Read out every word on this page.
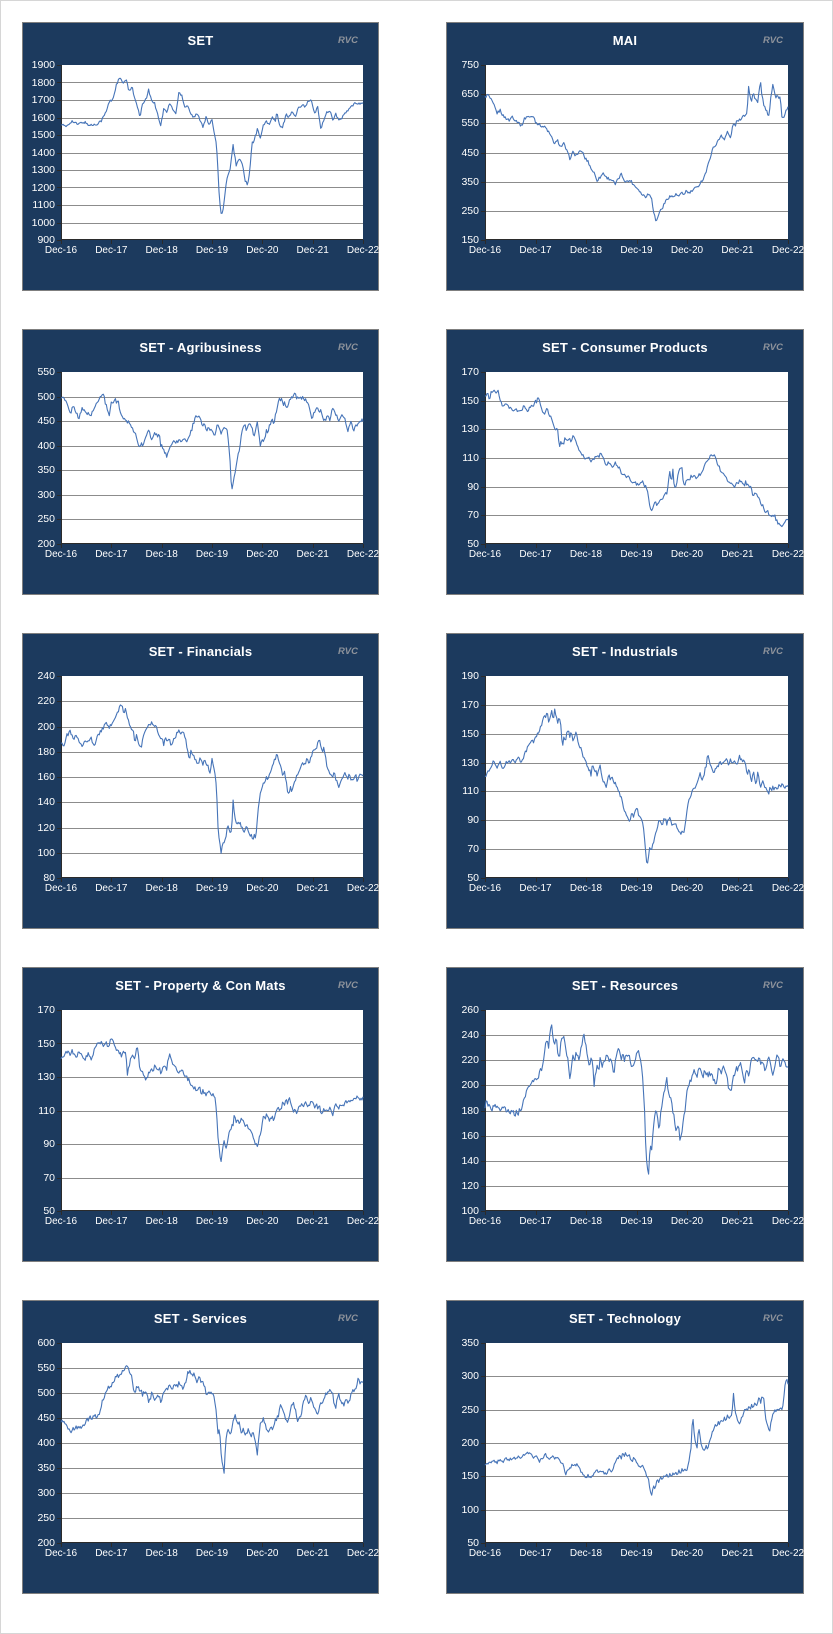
SET	RVC
900
1000
1100
1200
1300
1400
1500
1600
1700
1800
1900
Dec-16	Dec-17	Dec-18	Dec-19	Dec-20	Dec-21	Dec-22
MAI	RVC
150
250
350
450
550
650
750
Dec-16	Dec-17	Dec-18	Dec-19	Dec-20	Dec-21	Dec-22
SET - Agribusiness	RVC
200
250
300
350
400
450
500
550
Dec-16	Dec-17	Dec-18	Dec-19	Dec-20	Dec-21	Dec-22
SET - Consumer Products	RVC
50
70
90
110
130
150
170
Dec-16	Dec-17	Dec-18	Dec-19	Dec-20	Dec-21	Dec-22
SET - Financials	RVC
80
100
120
140
160
180
200
220
240
Dec-16	Dec-17	Dec-18	Dec-19	Dec-20	Dec-21	Dec-22
SET - Industrials	RVC
50
70
90
110
130
150
170
190
Dec-16	Dec-17	Dec-18	Dec-19	Dec-20	Dec-21	Dec-22
SET - Property & Con Mats	RVC
50
70
90
110
130
150
170
Dec-16	Dec-17	Dec-18	Dec-19	Dec-20	Dec-21	Dec-22
SET - Resources	RVC
100
120
140
160
180
200
220
240
260
Dec-16	Dec-17	Dec-18	Dec-19	Dec-20	Dec-21	Dec-22
SET - Services	RVC
200
250
300
350
400
450
500
550
600
Dec-16	Dec-17	Dec-18	Dec-19	Dec-20	Dec-21	Dec-22
SET - Technology	RVC
50
100
150
200
250
300
350
Dec-16	Dec-17	Dec-18	Dec-19	Dec-20	Dec-21	Dec-22
